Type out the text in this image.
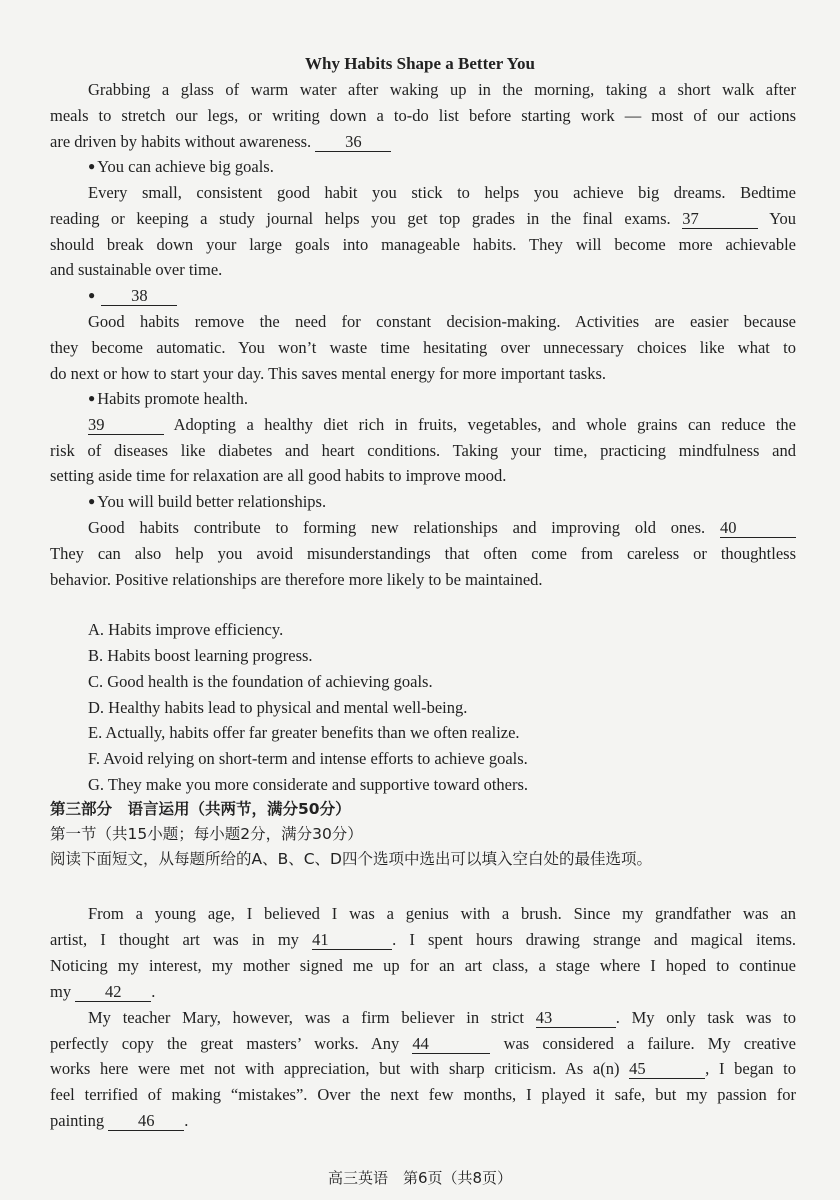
Why Habits Shape a Better You
Grabbing a glass of warm water after waking up in the morning, taking a short walk after
meals to stretch our legs, or writing down a to-do list before starting work — most of our actions
are driven by habits without awareness. 36
● You can achieve big goals.
Every small, consistent good habit you stick to helps you achieve big dreams. Bedtime
reading or keeping a study journal helps you get top grades in the final exams. 37	You
should break down your large goals into manageable habits. They will become more achievable
and sustainable over time.
● 38
Good habits remove the need for constant decision-making. Activities are easier because
they become automatic. You won’t waste time hesitating over unnecessary choices like what to
do next or how to start your day. This saves mental energy for more important tasks.
● Habits promote health.
39	Adopting a healthy diet rich in fruits, vegetables, and whole grains can reduce the
risk of diseases like diabetes and heart conditions. Taking your time, practicing mindfulness and
setting aside time for relaxation are all good habits to improve mood.
● You will build better relationships.
Good habits contribute to forming new relationships and improving old ones. 40
They can also help you avoid misunderstandings that often come from careless or thoughtless
behavior. Positive relationships are therefore more likely to be maintained.
A. Habits improve efficiency.
B. Habits boost learning progress.
C. Good health is the foundation of achieving goals.
D. Healthy habits lead to physical and mental well-being.
E. Actually, habits offer far greater benefits than we often realize.
F. Avoid relying on short-term and intense efforts to achieve goals.
G. They make you more considerate and supportive toward others.
第三部分　语言运用（共两节，满分50分）
第一节（共15小题；每小题2分，满分30分）
阅读下面短文，从每题所给的A、B、C、D四个选项中选出可以填入空白处的最佳选项。
From a young age, I believed I was a genius with a brush. Since my grandfather was an
artist, I thought art was in my 41	. I spent hours drawing strange and magical items.
Noticing my interest, my mother signed me up for an art class, a stage where I hoped to continue
my 42 .
My teacher Mary, however, was a firm believer in strict 43	. My only task was to
perfectly copy the great masters’ works. Any 44	was considered a failure. My creative
works here were met not with appreciation, but with sharp criticism. As a(n) 45	, I began to
feel terrified of making “mistakes”. Over the next few months, I played it safe, but my passion for
painting 46 .
高三英语　第6页（共8页）
